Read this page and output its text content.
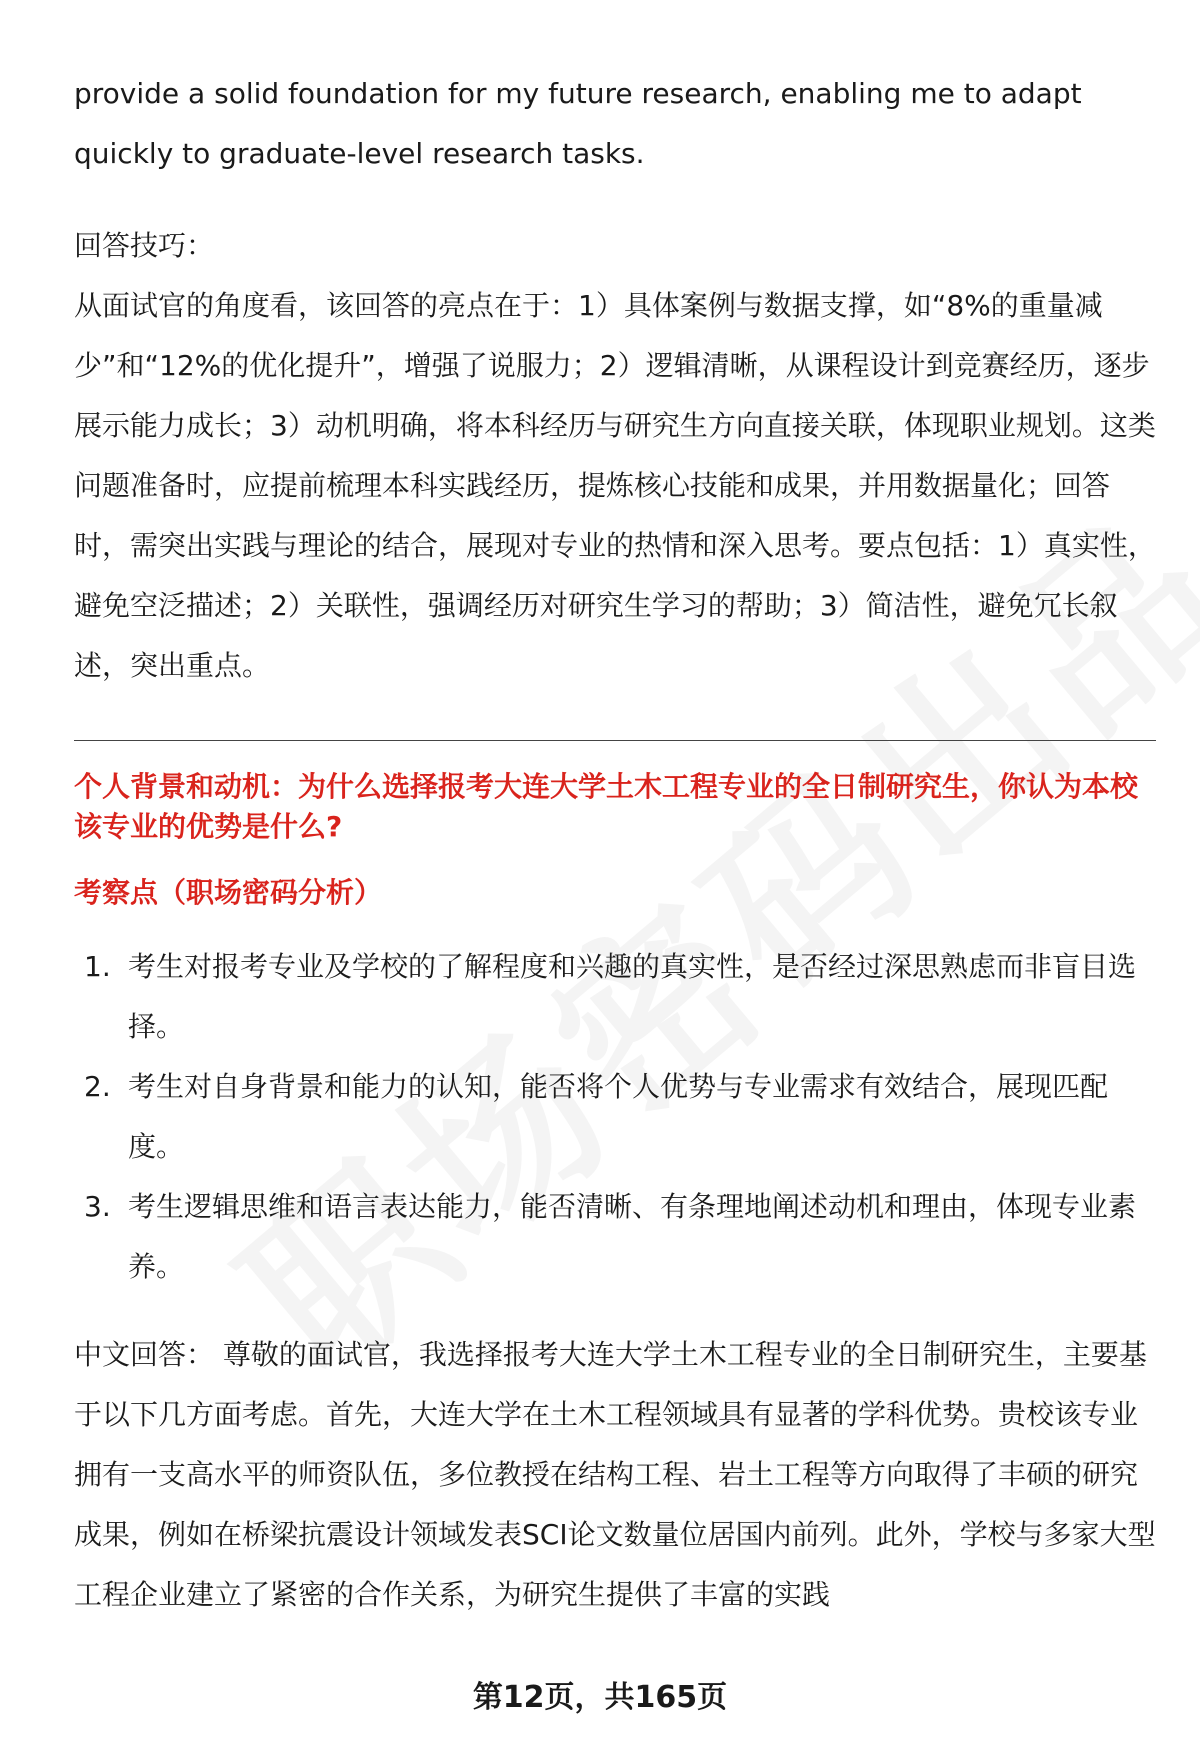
provide a solid foundation for my future research, enabling me to adapt quickly to graduate-level research tasks.

回答技巧：

从面试官的角度看，该回答的亮点在于：1）具体案例与数据支撑，如“8%的重量减少”和“12%的优化提升”，增强了说服力；2）逻辑清晰，从课程设计到竞赛经历，逐步展示能力成长；3）动机明确，将本科经历与研究生方向直接关联，体现职业规划。这类问题准备时，应提前梳理本科实践经历，提炼核心技能和成果，并用数据量化；回答时，需突出实践与理论的结合，展现对专业的热情和深入思考。要点包括：1）真实性，避免空泛描述；2）关联性，强调经历对研究生学习的帮助；3）简洁性，避免冗长叙述，突出重点。

个人背景和动机：为什么选择报考大连大学土木工程专业的全日制研究生，你认为本校该专业的优势是什么?

考察点（职场密码分析）

1. 考生对报考专业及学校的了解程度和兴趣的真实性，是否经过深思熟虑而非盲目选择。
2. 考生对自身背景和能力的认知，能否将个人优势与专业需求有效结合，展现匹配度。
3. 考生逻辑思维和语言表达能力，能否清晰、有条理地阐述动机和理由，体现专业素养。

中文回答： 尊敬的面试官，我选择报考大连大学土木工程专业的全日制研究生，主要基于以下几方面考虑。首先，大连大学在土木工程领域具有显著的学科优势。贵校该专业拥有一支高水平的师资队伍，多位教授在结构工程、岩土工程等方向取得了丰硕的研究成果，例如在桥梁抗震设计领域发表SCI论文数量位居国内前列。此外，学校与多家大型工程企业建立了紧密的合作关系，为研究生提供了丰富的实践

第12页，共165页
